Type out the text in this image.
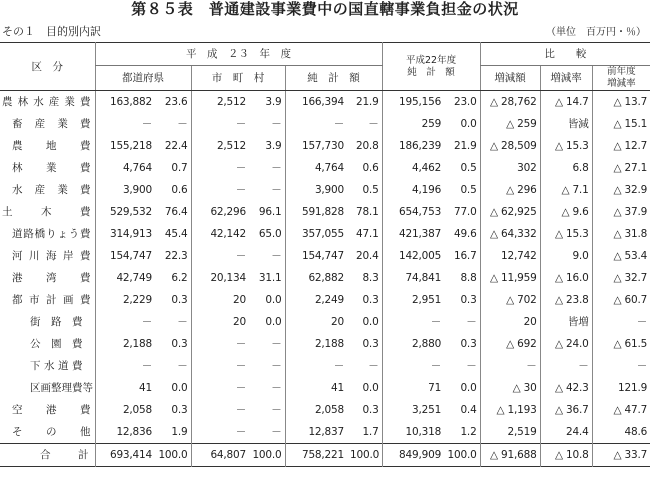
第８５表　普通建設事業費中の国直轄事業負担金の状況
その１　目的別内訳	（単位　百万円・％）
区　分	平　成　２３　年　度						平成22年度
純　計　額		比　　較		
	都道府県		市　町　村		純　計　額				増減額	増減率	前年度
増減率

農林水産業費	163,882	23.6	2,512	3.9	166,394	21.9	195,156	23.0	△ 28,762	△ 14.7	△ 13.7
畜産業費	－	－	－	－	－	－	259	0.0	△ 259	皆減	△ 15.1
農地費	155,218	22.4	2,512	3.9	157,730	20.8	186,239	21.9	△ 28,509	△ 15.3	△ 12.7
林業費	4,764	0.7	－	－	4,764	0.6	4,462	0.5	302	6.8	△ 27.1
水産業費	3,900	0.6	－	－	3,900	0.5	4,196	0.5	△ 296	△ 7.1	△ 32.9
土木費	529,532	76.4	62,296	96.1	591,828	78.1	654,753	77.0	△ 62,925	△ 9.6	△ 37.9
道路橋りょう費	314,913	45.4	42,142	65.0	357,055	47.1	421,387	49.6	△ 64,332	△ 15.3	△ 31.8
河川海岸費	154,747	22.3	－	－	154,747	20.4	142,005	16.7	12,742	9.0	△ 53.4
港湾費	42,749	6.2	20,134	31.1	62,882	8.3	74,841	8.8	△ 11,959	△ 16.0	△ 32.7
都市計画費	2,229	0.3	20	0.0	2,249	0.3	2,951	0.3	△ 702	△ 23.8	△ 60.7
街路費	－	－	20	0.0	20	0.0	－	－	20	皆増	－
公園費	2,188	0.3	－	－	2,188	0.3	2,880	0.3	△ 692	△ 24.0	△ 61.5
下水道費	－	－	－	－	－	－	－	－	－	－	－
区画整理費等	41	0.0	－	－	41	0.0	71	0.0	△ 30	△ 42.3	121.9
空港費	2,058	0.3	－	－	2,058	0.3	3,251	0.4	△ 1,193	△ 36.7	△ 47.7
その他	12,836	1.9	－	－	12,837	1.7	10,318	1.2	2,519	24.4	48.6
合計	693,414	100.0	64,807	100.0	758,221	100.0	849,909	100.0	△ 91,688	△ 10.8	△ 33.7
